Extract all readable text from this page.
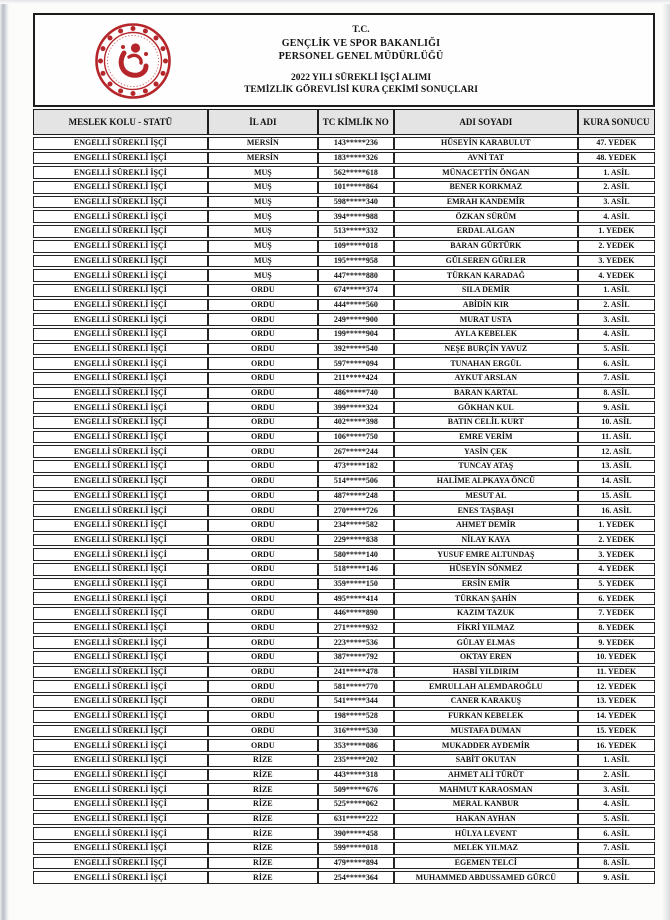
T.C.
GENÇLİK VE SPOR BAKANLIĞI
PERSONEL GENEL MÜDÜRLÜĞÜ
2022 YILI SÜREKLİ İŞÇİ ALIMI
TEMİZLİK GÖREVLİSİ KURA ÇEKİMİ SONUÇLARI
MESLEK KOLU - STATÜ	İL ADI	TC KİMLİK NO	ADI SOYADI	KURA SONUCU
ENGELLİ SÜREKLİ İŞÇİ	MERSİN	143*****236	HÜSEYİN KARABULUT	47. YEDEK
ENGELLİ SÜREKLİ İŞÇİ	MERSİN	183*****326	AVNİ TAT	48. YEDEK
ENGELLİ SÜREKLİ İŞÇİ	MUŞ	562*****618	MÜNACETTİN ÖNGAN	1. ASİL
ENGELLİ SÜREKLİ İŞÇİ	MUŞ	101*****864	BENER KORKMAZ	2. ASİL
ENGELLİ SÜREKLİ İŞÇİ	MUŞ	598*****340	EMRAH KANDEMİR	3. ASİL
ENGELLİ SÜREKLİ İŞÇİ	MUŞ	394*****988	ÖZKAN SÜRÜM	4. ASİL
ENGELLİ SÜREKLİ İŞÇİ	MUŞ	513*****332	ERDAL ALGAN	1. YEDEK
ENGELLİ SÜREKLİ İŞÇİ	MUŞ	109*****018	BARAN GÜRTÜRK	2. YEDEK
ENGELLİ SÜREKLİ İŞÇİ	MUŞ	195*****958	GÜLSEREN GÜRLER	3. YEDEK
ENGELLİ SÜREKLİ İŞÇİ	MUŞ	447*****880	TÜRKAN KARADAĞ	4. YEDEK
ENGELLİ SÜREKLİ İŞÇİ	ORDU	674*****374	SILA DEMİR	1. ASİL
ENGELLİ SÜREKLİ İŞÇİ	ORDU	444*****560	ABİDİN KIR	2. ASİL
ENGELLİ SÜREKLİ İŞÇİ	ORDU	249*****900	MURAT USTA	3. ASİL
ENGELLİ SÜREKLİ İŞÇİ	ORDU	199*****904	AYLA KEBELEK	4. ASİL
ENGELLİ SÜREKLİ İŞÇİ	ORDU	392*****540	NEŞE BURÇİN YAVUZ	5. ASİL
ENGELLİ SÜREKLİ İŞÇİ	ORDU	597*****094	TUNAHAN ERGÜL	6. ASİL
ENGELLİ SÜREKLİ İŞÇİ	ORDU	211*****424	AYKUT ARSLAN	7. ASİL
ENGELLİ SÜREKLİ İŞÇİ	ORDU	486*****740	BARAN KARTAL	8. ASİL
ENGELLİ SÜREKLİ İŞÇİ	ORDU	399*****324	GÖKHAN KUL	9. ASİL
ENGELLİ SÜREKLİ İŞÇİ	ORDU	402*****398	BATIN CELİL KURT	10. ASİL
ENGELLİ SÜREKLİ İŞÇİ	ORDU	106*****750	EMRE VERİM	11. ASİL
ENGELLİ SÜREKLİ İŞÇİ	ORDU	267*****244	YASİN ÇEK	12. ASİL
ENGELLİ SÜREKLİ İŞÇİ	ORDU	473*****182	TUNCAY ATAŞ	13. ASİL
ENGELLİ SÜREKLİ İŞÇİ	ORDU	514*****506	HALİME ALPKAYA ÖNCÜ	14. ASİL
ENGELLİ SÜREKLİ İŞÇİ	ORDU	487*****248	MESUT AL	15. ASİL
ENGELLİ SÜREKLİ İŞÇİ	ORDU	270*****726	ENES TAŞBAŞI	16. ASİL
ENGELLİ SÜREKLİ İŞÇİ	ORDU	234*****582	AHMET DEMİR	1. YEDEK
ENGELLİ SÜREKLİ İŞÇİ	ORDU	229*****838	NİLAY KAYA	2. YEDEK
ENGELLİ SÜREKLİ İŞÇİ	ORDU	580*****140	YUSUF EMRE ALTUNDAŞ	3. YEDEK
ENGELLİ SÜREKLİ İŞÇİ	ORDU	518*****146	HÜSEYİN SÖNMEZ	4. YEDEK
ENGELLİ SÜREKLİ İŞÇİ	ORDU	359*****150	ERSİN EMİR	5. YEDEK
ENGELLİ SÜREKLİ İŞÇİ	ORDU	495*****414	TÜRKAN ŞAHİN	6. YEDEK
ENGELLİ SÜREKLİ İŞÇİ	ORDU	446*****890	KAZIM TAZUK	7. YEDEK
ENGELLİ SÜREKLİ İŞÇİ	ORDU	271*****932	FİKRİ YILMAZ	8. YEDEK
ENGELLİ SÜREKLİ İŞÇİ	ORDU	223*****536	GÜLAY ELMAS	9. YEDEK
ENGELLİ SÜREKLİ İŞÇİ	ORDU	387*****792	OKTAY EREN	10. YEDEK
ENGELLİ SÜREKLİ İŞÇİ	ORDU	241*****478	HASBİ YILDIRIM	11. YEDEK
ENGELLİ SÜREKLİ İŞÇİ	ORDU	581*****770	EMRULLAH ALEMDAROĞLU	12. YEDEK
ENGELLİ SÜREKLİ İŞÇİ	ORDU	541*****344	CANER KARAKUŞ	13. YEDEK
ENGELLİ SÜREKLİ İŞÇİ	ORDU	198*****528	FURKAN KEBELEK	14. YEDEK
ENGELLİ SÜREKLİ İŞÇİ	ORDU	316*****530	MUSTAFA DUMAN	15. YEDEK
ENGELLİ SÜREKLİ İŞÇİ	ORDU	353*****086	MUKADDER AYDEMİR	16. YEDEK
ENGELLİ SÜREKLİ İŞÇİ	RİZE	235*****202	SABİT OKUTAN	1. ASİL
ENGELLİ SÜREKLİ İŞÇİ	RİZE	443*****318	AHMET ALİ TÜRÜT	2. ASİL
ENGELLİ SÜREKLİ İŞÇİ	RİZE	509*****676	MAHMUT KARAOSMAN	3. ASİL
ENGELLİ SÜREKLİ İŞÇİ	RİZE	525*****062	MERAL KANBUR	4. ASİL
ENGELLİ SÜREKLİ İŞÇİ	RİZE	631*****222	HAKAN AYHAN	5. ASİL
ENGELLİ SÜREKLİ İŞÇİ	RİZE	390*****458	HÜLYA LEVENT	6. ASİL
ENGELLİ SÜREKLİ İŞÇİ	RİZE	599*****018	MELEK YILMAZ	7. ASİL
ENGELLİ SÜREKLİ İŞÇİ	RİZE	479*****894	EGEMEN TELCİ	8. ASİL
ENGELLİ SÜREKLİ İŞÇİ	RİZE	254*****364	MUHAMMED ABDUSSAMED GÜRCÜ	9. ASİL
